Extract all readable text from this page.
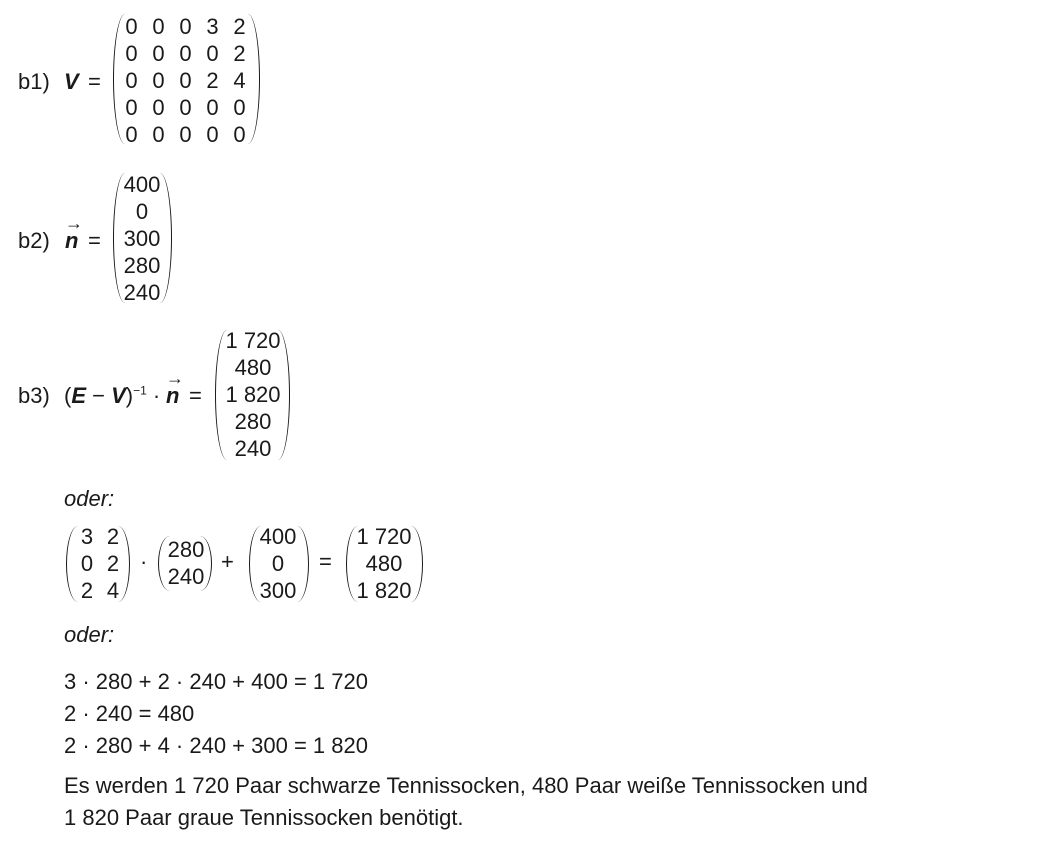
b1) V =
0 0 0 3 2
0 0 0 0 2
0 0 0 2 4
0 0 0 0 0
0 0 0 0 0
b2)
→
n =
400
0
300
280
240
b3) $(E - V)^{-1}$ ·
→
n =
1 720
480
1 820
280
240
oder:
3 2
0 2
2 4
· 280
240
+
400
0
300
=
1 720
480
1 820
oder:
3 · 280 + 2 · 240 + 400 = 1 720
2 · 240 = 480
2 · 280 + 4 · 240 + 300 = 1 820
Es werden 1 720 Paar schwarze Tennissocken, 480 Paar weiße Tennissocken und
1 820 Paar graue Tennissocken benötigt.
